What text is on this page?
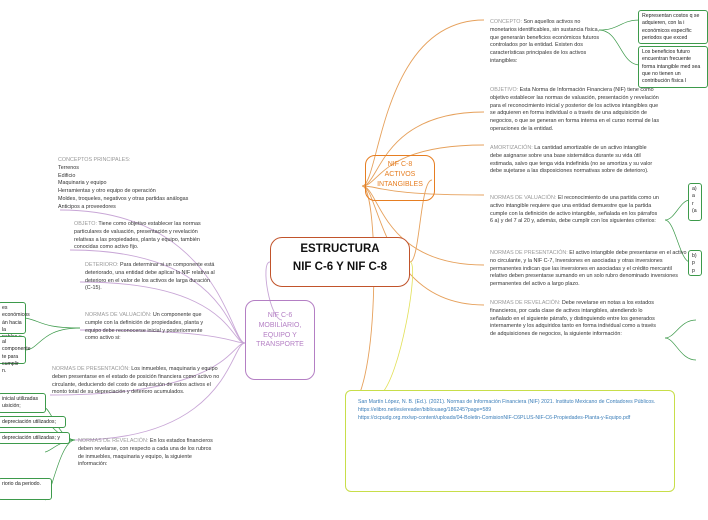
ESTRUCTURA
NIF C-6 Y NIF C-8
NIF C-8
ACTIVOS
INTANGIBLES
NIF C-6
MOBILIARIO,
EQUIPO Y
TRANSPORTE
CONCEPTO: Son aquellos activos no monetarios identificables, sin sustancia física, que generarán beneficios económicos futuros controlados por la entidad. Existen dos características principales de los activos intangibles:
Representan costos q se adquieren, con la i económicos específic periodos que exced
Los beneficios futuro encuentran frecuente forma intangible med sea que no tienen un contribución física l
OBJETIVO: Esta Norma de Información Financiera (NIF) tiene como objetivo establecer las normas de valuación, presentación y revelación para el reconocimiento inicial y posterior de los activos intangibles que se adquieren en forma individual o a través de una adquisición de negocios, o que se generan en forma interna en el curso normal de las operaciones de la entidad.
AMORTIZACIÓN: La cantidad amortizable de un activo intangible debe asignarse sobre una base sistemática durante su vida útil estimada, salvo que tenga vida indefinida (no se amortiza y su valor debe sujetarse a las disposiciones normativas sobre de deterioro).
NORMAS DE VALUACIÓN: El reconocimiento de una partida como un activo intangible requiere que una entidad demuestre que la partida cumple con la definición de activo intangible, señalada en los párrafos 6 a) y del 7 al 20 y, además, debe cumplir con los siguientes criterios:
a) a r (a
b) p p
NORMAS DE PRESENTACIÓN: El activo intangible debe presentarse en el activo no circulante, y la NIF C-7, Inversiones en asociadas y otras inversiones permanentes indican que las inversiones en asociadas y el crédito mercantil relativo deben presentarse sumando en un solo rubro denominado inversiones permanentes del activo a largo plazo.
NORMAS DE REVELACIÓN: Debe revelarse en notas a los estados financieros, por cada clase de activos intangibles, atendiendo lo señalado en el siguiente párrafo, y distinguiendo entre los generados internamente y los adquiridos tanto en forma individual como a través de adquisiciones de negocios, la siguiente información:
CONCEPTOS PRINCIPALES:
Terrenos
Edificio
Maquinaria y equipo
Herramientas y otro equipo de operación
Moldes, troqueles, negativos y otras partidas análogas
Anticipos a proveedores
OBJETO: Tiene como objetivo establecer las normas particulares de valuación, presentación y revelación relativas a las propiedades, planta y equipo, también conocidas como activo fijo.
DETERIORO: Para determinar si un componente está deteriorado, una entidad debe aplicar la NIF relativa al deterioro en el valor de los activos de larga duración (C-15).
NORMAS DE VALUACIÓN: Un componente que cumple con la definición de propiedades, planta y equipo debe reconocerse inicial y posteriormente como activo si:
es económicos án hacia la
al componente te para cumplir n.	NORMAS DE PRESENTACIÓN: Los inmuebles, maquinaria y equipo deben presentarse en el estado de posición financiera como activo no circulante, deduciendo del costo de adquisición de estos activos el monto total de su depreciación y deterioro acumulados.
NORMAS DE REVELACIÓN: En los estados financieros deben revelarse, con respecto a cada una de los rubros de inmuebles, maquinaria y equipo, la siguiente información:
inicial utilizadas uisición;
depreciación utilizados;
depreciación utilizadas; y
riorio da periodo.
San Martín López, N. B. (Ed.). (2021). Normas de Información Financiera (NIF) 2021. Instituto Mexicano de Contadores Públicos.
https://elibro.net/es/ereader/bibliouaeg/186245?page=589
https://cicpudg.org.mx/wp-content/uploads/04-Boletin-ComisionNIF-C6PLUS-NIF-C6-Propiedades-Planta-y-Equipo.pdf
